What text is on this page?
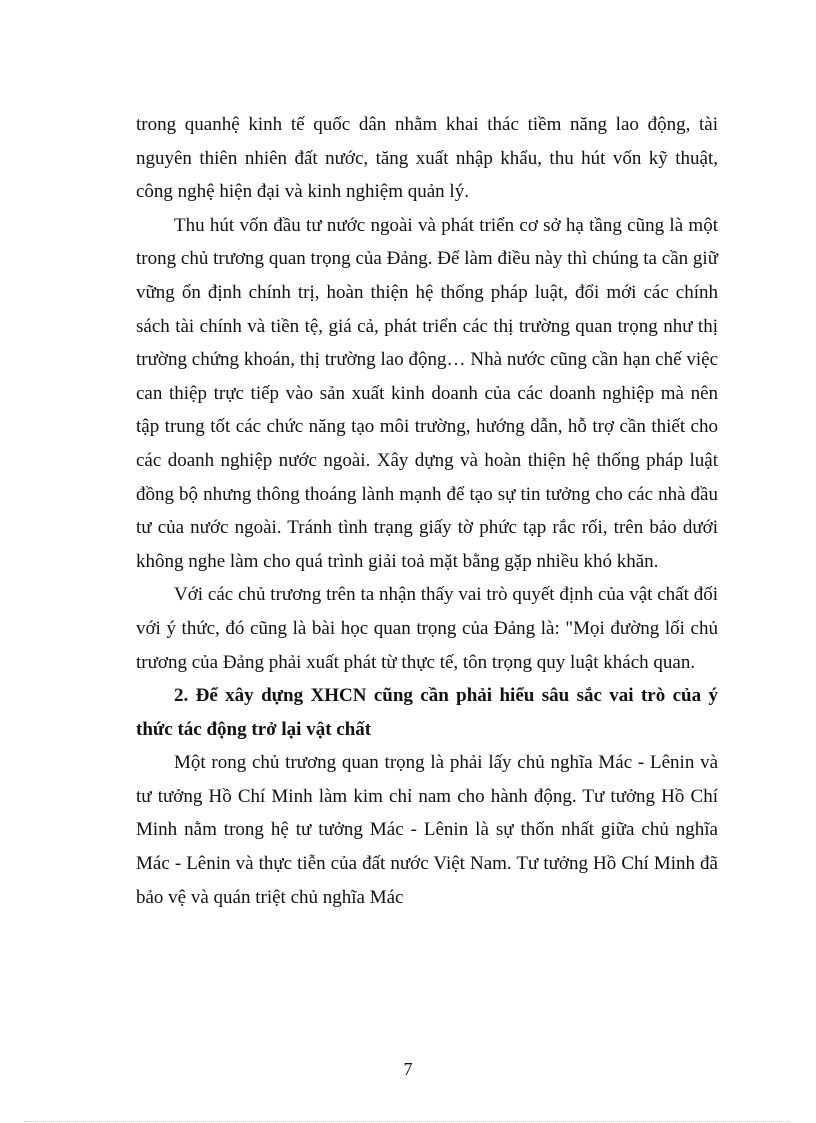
trong quanhệ kinh tế quốc dân nhằm khai thác tiềm năng lao động, tài nguyên thiên nhiên đất nước, tăng xuất nhập khẩu, thu hút vốn kỹ thuật, công nghệ hiện đại và kinh nghiệm quản lý.

Thu hút vốn đầu tư nước ngoài và phát triển cơ sở hạ tầng cũng là một trong chủ trương quan trọng của Đảng. Để làm điều này thì chúng ta cần giữ vững ổn định chính trị, hoàn thiện hệ thống pháp luật, đổi mới các chính sách tài chính và tiền tệ, giá cả, phát triển các thị trường quan trọng như thị trường chứng khoán, thị trường lao động… Nhà nước cũng cần hạn chế việc can thiệp trực tiếp vào sản xuất kinh doanh của các doanh nghiệp mà nên tập trung tốt các chức năng tạo môi trường, hướng dẫn, hỗ trợ cần thiết cho các doanh nghiệp nước ngoài. Xây dựng và hoàn thiện hệ thống pháp luật đồng bộ nhưng thông thoáng lành mạnh để tạo sự tin tưởng cho các nhà đầu tư của nước ngoài. Tránh tình trạng giấy tờ phức tạp rắc rối, trên bảo dưới không nghe làm cho quá trình giải toả mặt bằng gặp nhiều khó khăn.

Với các chủ trương trên ta nhận thấy vai trò quyết định của vật chất đối với ý thức, đó cũng là bài học quan trọng của Đảng là: "Mọi đường lối chủ trương của Đảng phải xuất phát từ thực tế, tôn trọng quy luật khách quan.

2. Để xây dựng XHCN cũng cần phải hiểu sâu sắc vai trò của ý thức tác động trở lại vật chất

Một rong chủ trương quan trọng là phải lấy chủ nghĩa Mác - Lênin và tư tưởng Hồ Chí Minh làm kim chỉ nam cho hành động. Tư tưởng Hồ Chí Minh nằm trong hệ tư tưởng Mác - Lênin là sự thốn nhất giữa chủ nghĩa Mác - Lênin và thực tiễn của đất nước Việt Nam. Tư tưởng Hồ Chí Minh đã bảo vệ và quán triệt chủ nghĩa Mác

7
